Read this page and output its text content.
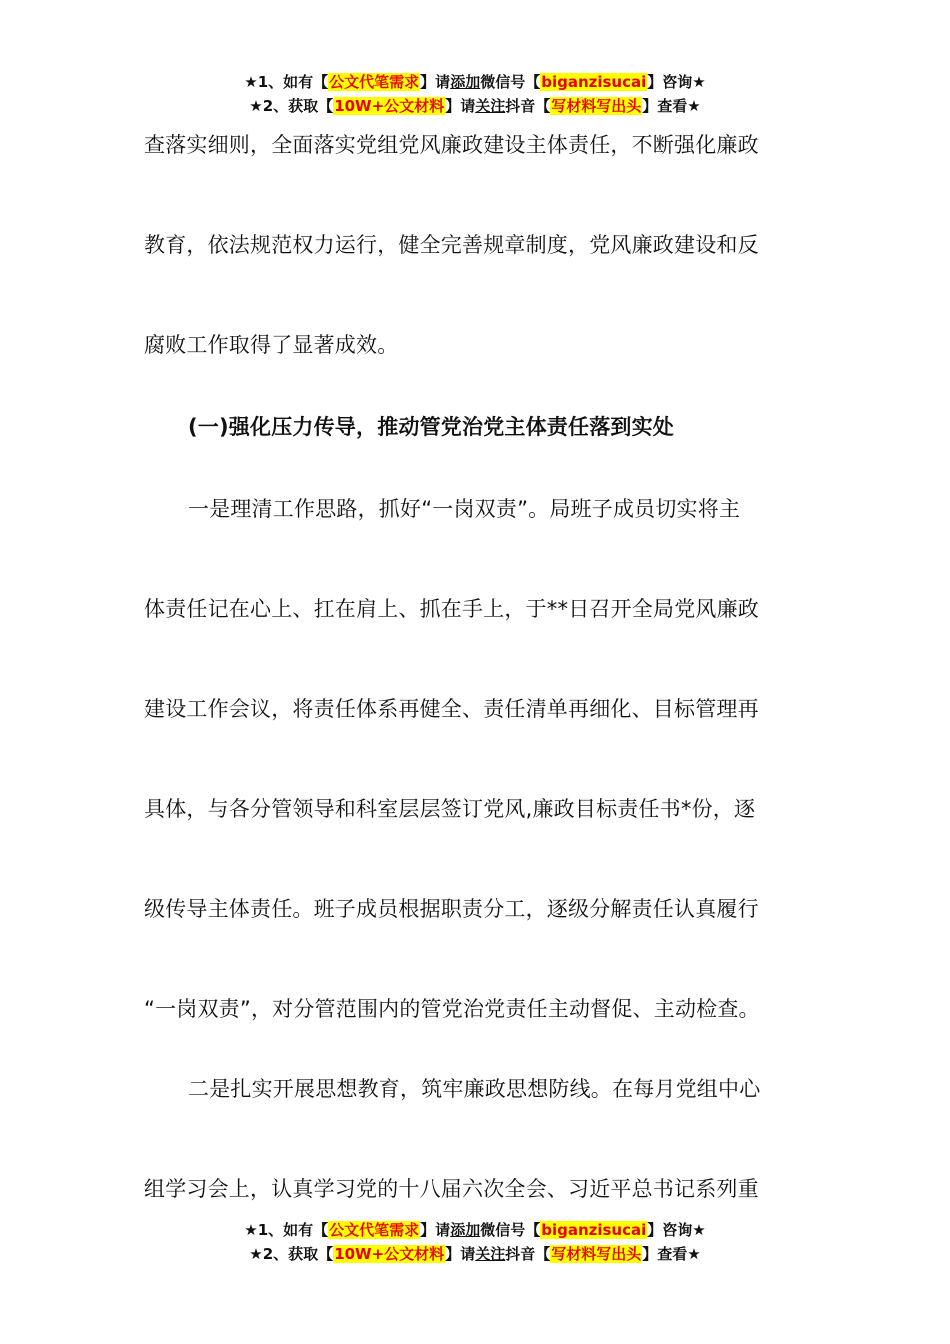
★1、如有【公文代笔需求】请添加微信号【biganzisucai】咨询★
★2、获取【10W+公文材料】请关注抖音【写材料写出头】查看★

查落实细则，全面落实党组党风廉政建设主体责任，不断强化廉政

教育，依法规范权力运行，健全完善规章制度，党风廉政建设和反

腐败工作取得了显著成效。

(一)强化压力传导，推动管党治党主体责任落到实处

一是理清工作思路，抓好“一岗双责”。局班子成员切实将主

体责任记在心上、扛在肩上、抓在手上，于**日召开全局党风廉政

建设工作会议，将责任体系再健全、责任清单再细化、目标管理再

具体，与各分管领导和科室层层签订党风,廉政目标责任书*份，逐

级传导主体责任。班子成员根据职责分工，逐级分解责任认真履行

“一岗双责”，对分管范围内的管党治党责任主动督促、主动检查。

二是扎实开展思想教育，筑牢廉政思想防线。在每月党组中心

组学习会上，认真学习党的十八届六次全会、习近平总书记系列重

★1、如有【公文代笔需求】请添加微信号【biganzisucai】咨询★
★2、获取【10W+公文材料】请关注抖音【写材料写出头】查看★
